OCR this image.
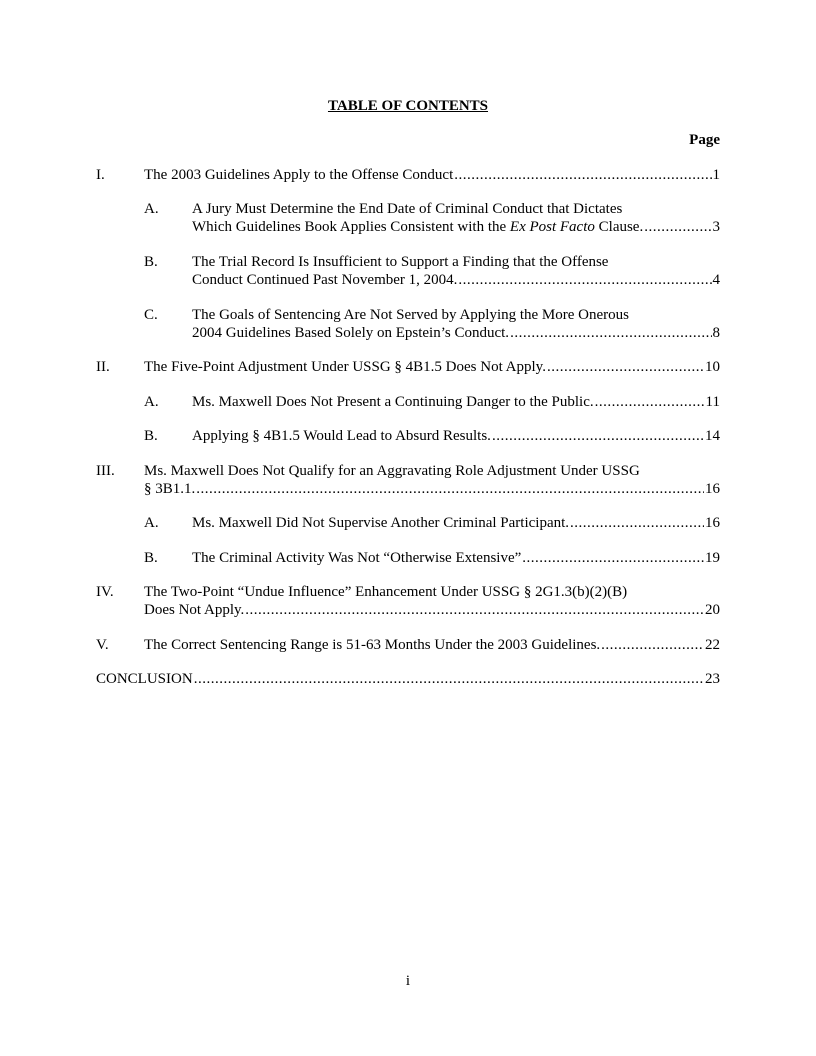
TABLE OF CONTENTS
Page
I.	The 2003 Guidelines Apply to the Offense Conduct .....	1
A. A Jury Must Determine the End Date of Criminal Conduct that Dictates
Which Guidelines Book Applies Consistent with the Ex Post Facto Clause. .....	3
B. The Trial Record Is Insufficient to Support a Finding that the Offense
Conduct Continued Past November 1, 2004. .....	4
C. The Goals of Sentencing Are Not Served by Applying the More Onerous
2004 Guidelines Based Solely on Epstein’s Conduct. .....	8
II. The Five-Point Adjustment Under USSG § 4B1.5 Does Not Apply. .....	10
A. Ms. Maxwell Does Not Present a Continuing Danger to the Public. .....	11
B. Applying § 4B1.5 Would Lead to Absurd Results. .....	14
III. Ms. Maxwell Does Not Qualify for an Aggravating Role Adjustment Under USSG
§ 3B1.1. .....	16
A. Ms. Maxwell Did Not Supervise Another Criminal Participant. .....	16
B. The Criminal Activity Was Not “Otherwise Extensive” .....	19
IV. The Two-Point “Undue Influence” Enhancement Under USSG § 2G1.3(b)(2)(B)
Does Not Apply. .....	20
V. The Correct Sentencing Range is 51-63 Months Under the 2003 Guidelines. .....	22
CONCLUSION .....	23
i
